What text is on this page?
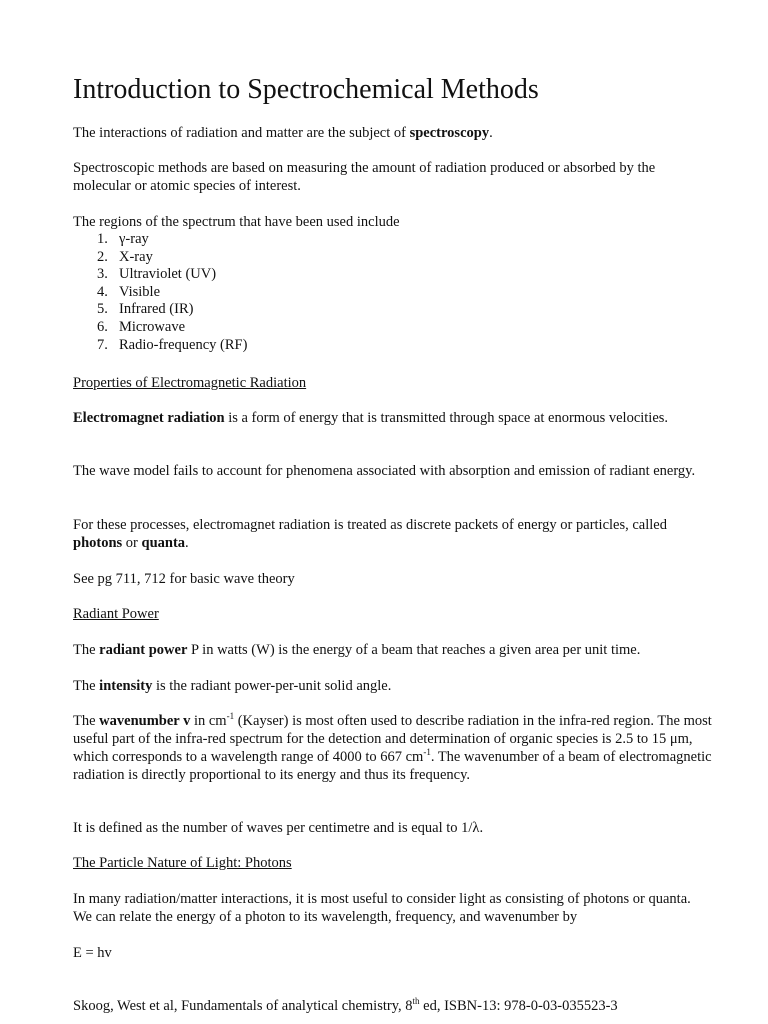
Introduction to Spectrochemical Methods

The interactions of radiation and matter are the subject of spectroscopy.

Spectroscopic methods are based on measuring the amount of radiation produced or absorbed by the molecular or atomic species of interest.

The regions of the spectrum that have been used include

1. γ-ray
2. X-ray
3. Ultraviolet (UV)
4. Visible
5. Infrared (IR)
6. Microwave
7. Radio-frequency (RF)

Properties of Electromagnetic Radiation

Electromagnet radiation is a form of energy that is transmitted through space at enormous velocities.

The wave model fails to account for phenomena associated with absorption and emission of radiant energy.

For these processes, electromagnet radiation is treated as discrete packets of energy or particles, called photons or quanta.

See pg 711, 712 for basic wave theory

Radiant Power

The radiant power P in watts (W) is the energy of a beam that reaches a given area per unit time.

The intensity is the radiant power-per-unit solid angle.

The wavenumber v in $cm^{-1}$ (Kayser) is most often used to describe radiation in the infra-red region. The most useful part of the infra-red spectrum for the detection and determination of organic species is 2.5 to 15 μm, which corresponds to a wavelength range of 4000 to 667 $cm^{-1}$. The wavenumber of a beam of electromagnetic radiation is directly proportional to its energy and thus its frequency.

It is defined as the number of waves per centimetre and is equal to 1/λ.

The Particle Nature of Light: Photons

In many radiation/matter interactions, it is most useful to consider light as consisting of photons or quanta. We can relate the energy of a photon to its wavelength, frequency, and wavenumber by

E = hv

Skoog, West et al, Fundamentals of analytical chemistry, 8th ed, ISBN-13: 978-0-03-035523-3
